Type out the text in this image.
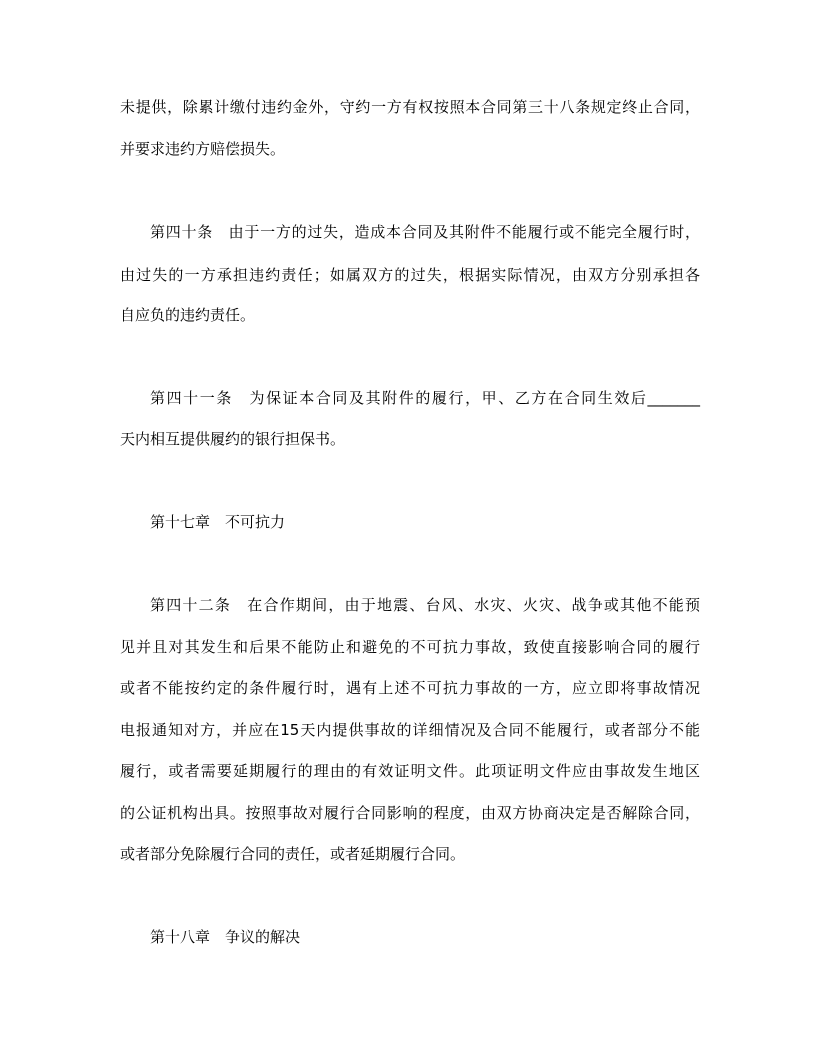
未提供，除累计缴付违约金外，守约一方有权按照本合同第三十八条规定终止合同，
并要求违约方赔偿损失。
第四十条　由于一方的过失，造成本合同及其附件不能履行或不能完全履行时，
由过失的一方承担违约责任；如属双方的过失，根据实际情况，由双方分别承担各
自应负的违约责任。
第四十一条　为保证本合同及其附件的履行，甲、乙方在合同生效后_______
天内相互提供履约的银行担保书。
第十七章　不可抗力
第四十二条　在合作期间，由于地震、台风、水灾、火灾、战争或其他不能预
见并且对其发生和后果不能防止和避免的不可抗力事故，致使直接影响合同的履行
或者不能按约定的条件履行时，遇有上述不可抗力事故的一方，应立即将事故情况
电报通知对方，并应在15天内提供事故的详细情况及合同不能履行，或者部分不能
履行，或者需要延期履行的理由的有效证明文件。此项证明文件应由事故发生地区
的公证机构出具。按照事故对履行合同影响的程度，由双方协商决定是否解除合同，
或者部分免除履行合同的责任，或者延期履行合同。
第十八章　争议的解决
